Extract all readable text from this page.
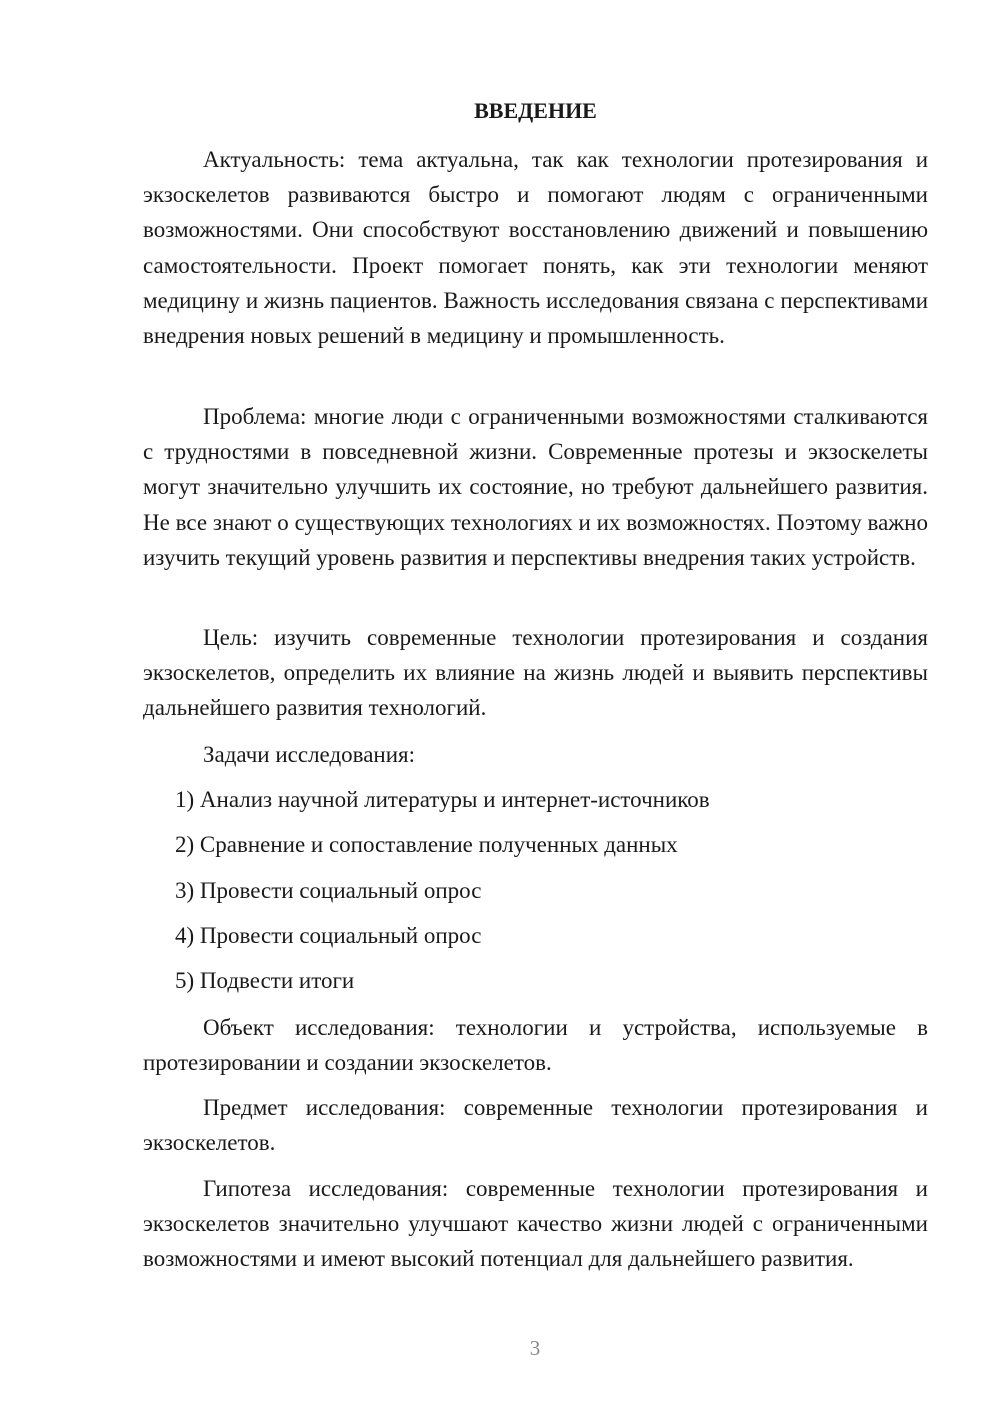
ВВЕДЕНИЕ

Актуальность: тема актуальна, так как технологии протезирования и экзоскелетов развиваются быстро и помогают людям с ограниченными возможностями. Они способствуют восстановлению движений и повышению самостоятельности. Проект помогает понять, как эти технологии меняют медицину и жизнь пациентов. Важность исследования связана с перспективами внедрения новых решений в медицину и промышленность.

Проблема: многие люди с ограниченными возможностями сталкиваются с трудностями в повседневной жизни. Современные протезы и экзоскелеты могут значительно улучшить их состояние, но требуют дальнейшего развития. Не все знают о существующих технологиях и их возможностях. Поэтому важно изучить текущий уровень развития и перспективы внедрения таких устройств.

Цель: изучить современные технологии протезирования и создания экзоскелетов, определить их влияние на жизнь людей и выявить перспективы дальнейшего развития технологий.

Задачи исследования:
1) Анализ научной литературы и интернет-источников
2) Сравнение и сопоставление полученных данных
3) Провести социальный опрос
4) Провести социальный опрос
5) Подвести итоги

Объект исследования: технологии и устройства, используемые в протезировании и создании экзоскелетов.

Предмет исследования: современные технологии протезирования и экзоскелетов.

Гипотеза исследования: современные технологии протезирования и экзоскелетов значительно улучшают качество жизни людей с ограниченными возможностями и имеют высокий потенциал для дальнейшего развития.

3
